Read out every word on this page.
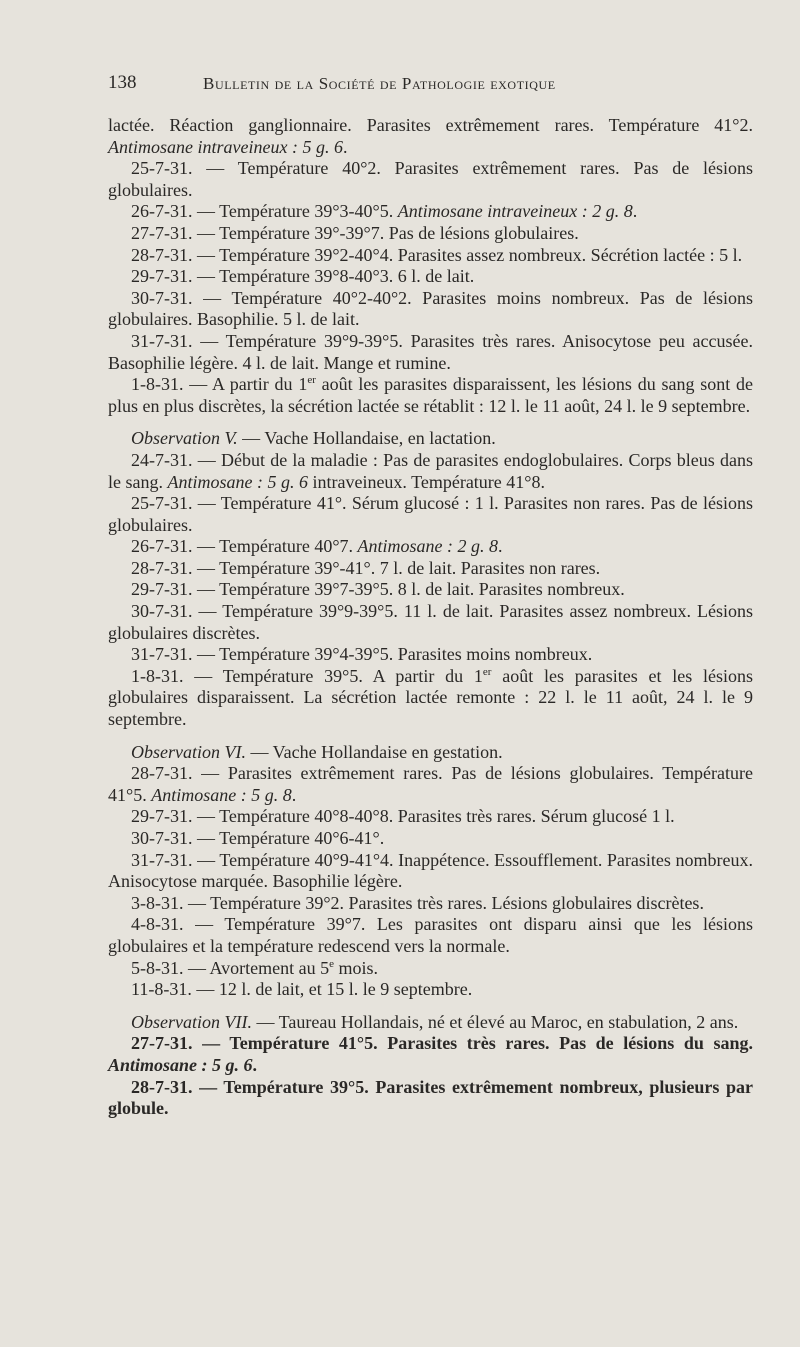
138	Bulletin de la Société de Pathologie exotique

lactée. Réaction ganglionnaire. Parasites extrêmement rares. Température 41°2. Antimosane intraveineux : 5 g. 6.

25-7-31. — Température 40°2. Parasites extrêmement rares. Pas de lésions globulaires.

26-7-31. — Température 39°3-40°5. Antimosane intraveineux : 2 g. 8.

27-7-31. — Température 39°-39°7. Pas de lésions globulaires.

28-7-31. — Température 39°2-40°4. Parasites assez nombreux. Sécrétion lactée : 5 l.

29-7-31. — Température 39°8-40°3. 6 l. de lait.

30-7-31. — Température 40°2-40°2. Parasites moins nombreux. Pas de lésions globulaires. Basophilie. 5 l. de lait.

31-7-31. — Température 39°9-39°5. Parasites très rares. Anisocytose peu accusée. Basophilie légère. 4 l. de lait. Mange et rumine.

1-8-31. — A partir du 1er août les parasites disparaissent, les lésions du sang sont de plus en plus discrètes, la sécrétion lactée se rétablit : 12 l. le 11 août, 24 l. le 9 septembre.

Observation V. — Vache Hollandaise, en lactation.

24-7-31. — Début de la maladie : Pas de parasites endoglobulaires. Corps bleus dans le sang. Antimosane : 5 g. 6 intraveineux. Température 41°8.

25-7-31. — Température 41°. Sérum glucosé : 1 l. Parasites non rares. Pas de lésions globulaires.

26-7-31. — Température 40°7. Antimosane : 2 g. 8.

28-7-31. — Température 39°-41°. 7 l. de lait. Parasites non rares.

29-7-31. — Température 39°7-39°5. 8 l. de lait. Parasites nombreux.

30-7-31. — Température 39°9-39°5. 11 l. de lait. Parasites assez nombreux. Lésions globulaires discrètes.

31-7-31. — Température 39°4-39°5. Parasites moins nombreux.

1-8-31. — Température 39°5. A partir du 1er août les parasites et les lésions globulaires disparaissent. La sécrétion lactée remonte : 22 l. le 11 août, 24 l. le 9 septembre.

Observation VI. — Vache Hollandaise en gestation.

28-7-31. — Parasites extrêmement rares. Pas de lésions globulaires. Température 41°5. Antimosane : 5 g. 8.

29-7-31. — Température 40°8-40°8. Parasites très rares. Sérum glucosé 1 l.

30-7-31. — Température 40°6-41°.

31-7-31. — Température 40°9-41°4. Inappétence. Essoufflement. Parasites nombreux. Anisocytose marquée. Basophilie légère.

3-8-31. — Température 39°2. Parasites très rares. Lésions globulaires discrètes.

4-8-31. — Température 39°7. Les parasites ont disparu ainsi que les lésions globulaires et la température redescend vers la normale.

5-8-31. — Avortement au 5e mois.

11-8-31. — 12 l. de lait, et 15 l. le 9 septembre.

Observation VII. — Taureau Hollandais, né et élevé au Maroc, en stabulation, 2 ans.

27-7-31. — Température 41°5. Parasites très rares. Pas de lésions du sang. Antimosane : 5 g. 6.

28-7-31. — Température 39°5. Parasites extrêmement nombreux, plusieurs par globule.
